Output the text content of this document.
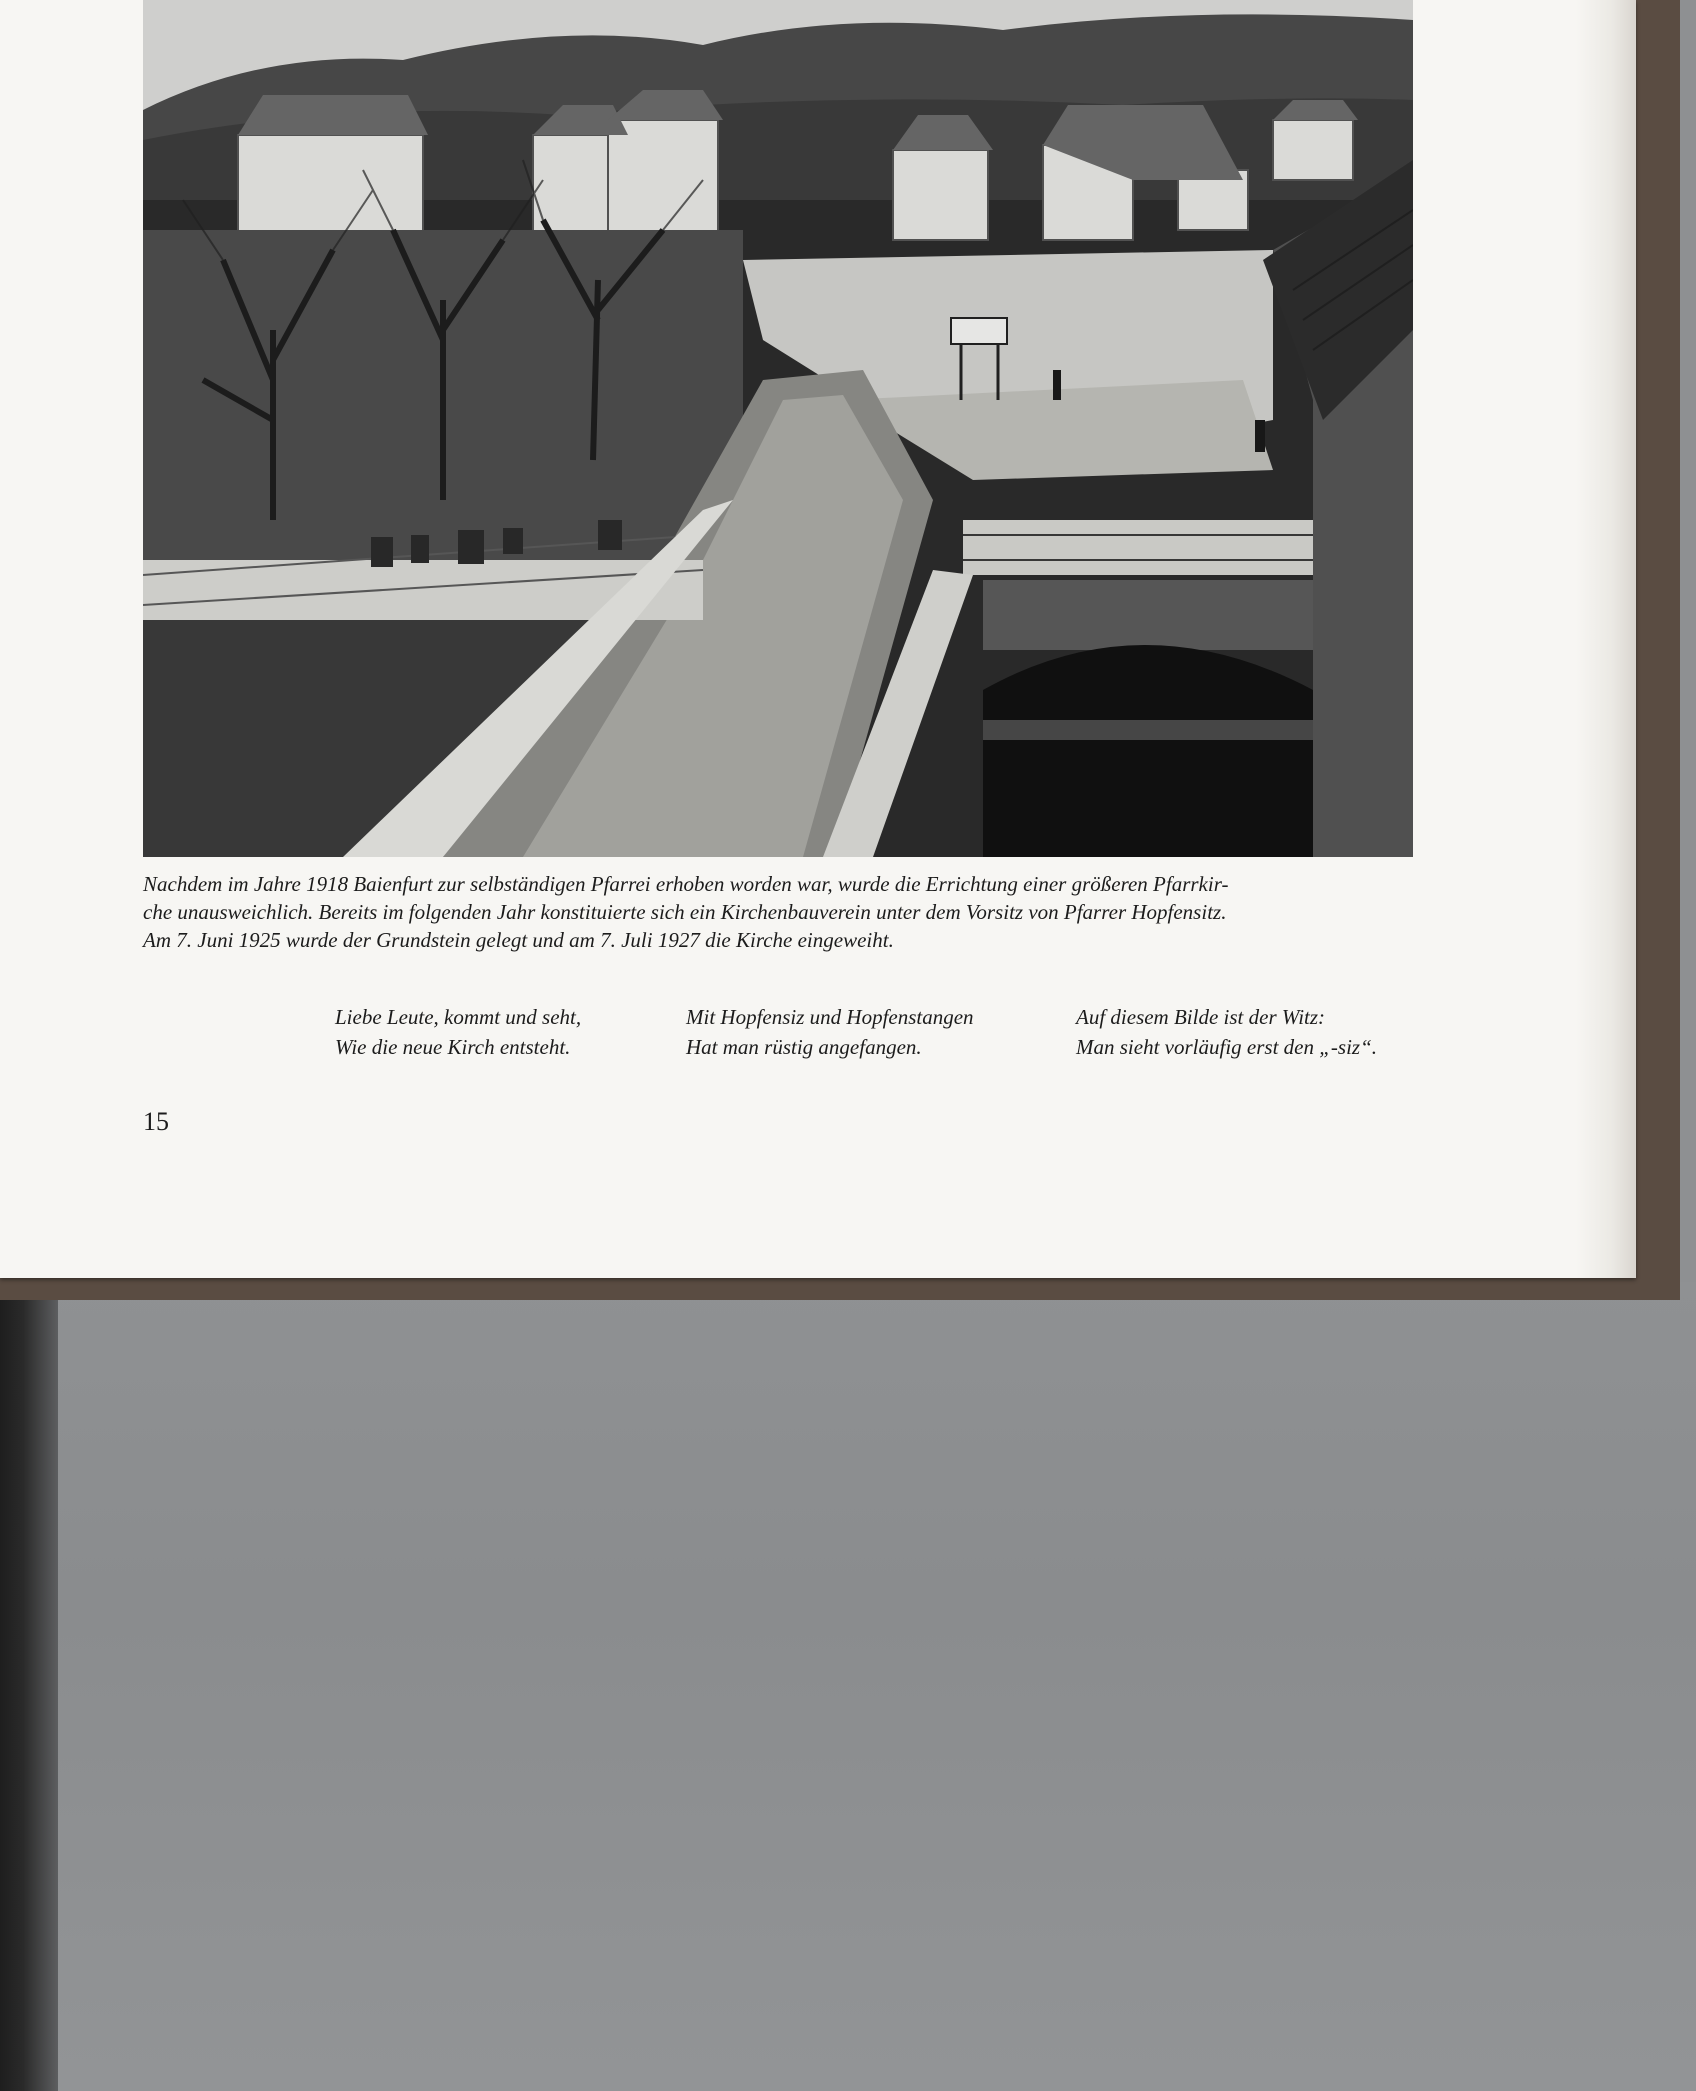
Nachdem im Jahre 1918 Baienfurt zur selbständigen Pfarrei erhoben worden war, wurde die Errichtung einer größeren Pfarrkir-
che unausweichlich. Bereits im folgenden Jahr konstituierte sich ein Kirchenbauverein unter dem Vorsitz von Pfarrer Hopfensitz.
Am 7. Juni 1925 wurde der Grundstein gelegt und am 7. Juli 1927 die Kirche eingeweiht.
Liebe Leute, kommt und seht,
Wie die neue Kirch entsteht.
Mit Hopfensiz und Hopfenstangen
Hat man rüstig angefangen.
Auf diesem Bilde ist der Witz:
Man sieht vorläufig erst den „-siz“.
15
